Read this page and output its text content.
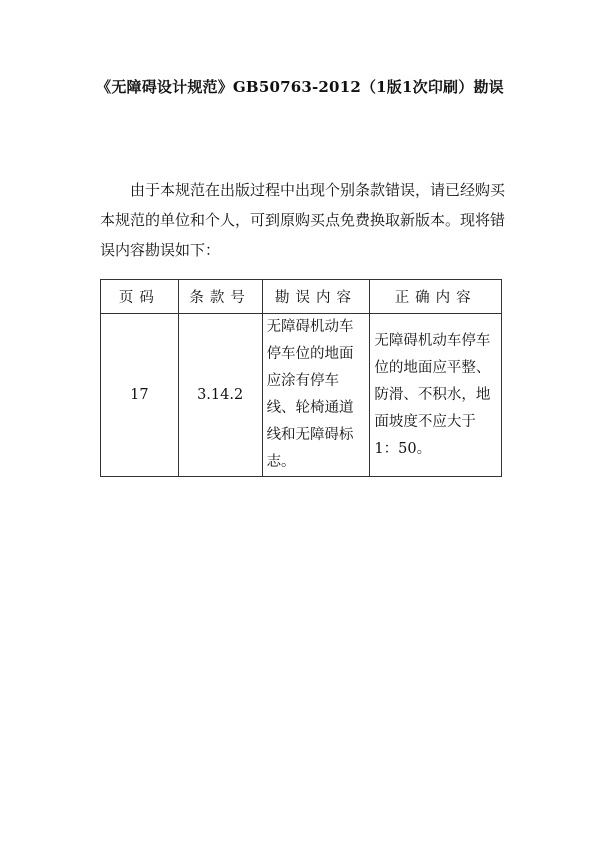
《无障碍设计规范》GB50763-2012（1版1次印刷）勘误

由于本规范在出版过程中出现个别条款错误，请已经购买本规范的单位和个人，可到原购买点免费换取新版本。现将错误内容勘误如下：

页码	条款号	勘误内容	正确内容
17	3.14.2	无障碍机动车停车位的地面应涂有停车线、轮椅通道线和无障碍标志。	无障碍机动车停车位的地面应平整、防滑、不积水，地面坡度不应大于1：50。
